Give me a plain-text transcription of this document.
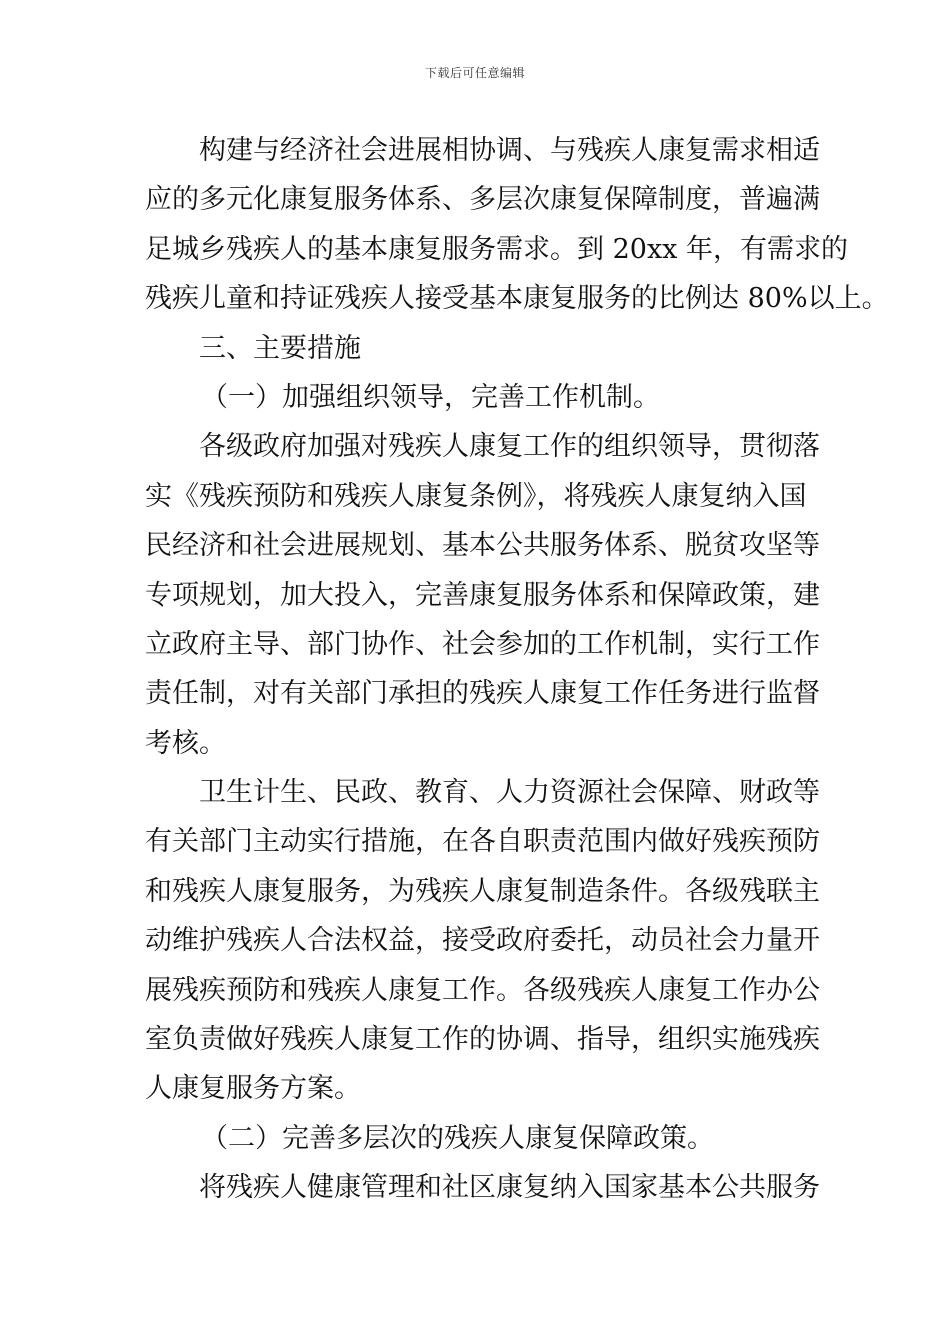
下载后可任意编辑
构建与经济社会进展相协调、与残疾人康复需求相适
应的多元化康复服务体系、多层次康复保障制度，普遍满
足城乡残疾人的基本康复服务需求。到 20xx 年，有需求的
残疾儿童和持证残疾人接受基本康复服务的比例达 80%以上。
三、主要措施
（一）加强组织领导，完善工作机制。
各级政府加强对残疾人康复工作的组织领导，贯彻落
实《残疾预防和残疾人康复条例》，将残疾人康复纳入国
民经济和社会进展规划、基本公共服务体系、脱贫攻坚等
专项规划，加大投入，完善康复服务体系和保障政策，建
立政府主导、部门协作、社会参加的工作机制，实行工作
责任制，对有关部门承担的残疾人康复工作任务进行监督
考核。
卫生计生、民政、教育、人力资源社会保障、财政等
有关部门主动实行措施，在各自职责范围内做好残疾预防
和残疾人康复服务，为残疾人康复制造条件。各级残联主
动维护残疾人合法权益，接受政府委托，动员社会力量开
展残疾预防和残疾人康复工作。各级残疾人康复工作办公
室负责做好残疾人康复工作的协调、指导，组织实施残疾
人康复服务方案。
（二）完善多层次的残疾人康复保障政策。
将残疾人健康管理和社区康复纳入国家基本公共服务
